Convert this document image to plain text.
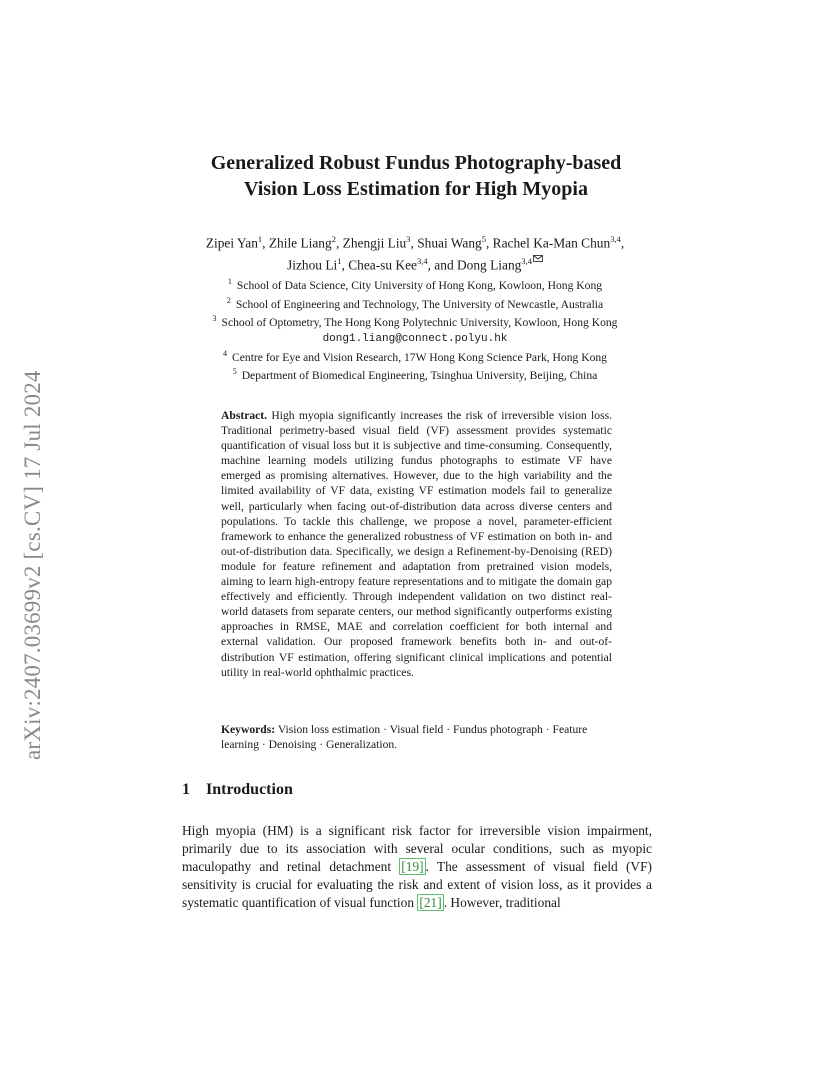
arXiv:2407.03699v2 [cs.CV] 17 Jul 2024
Generalized Robust Fundus Photography-based
Vision Loss Estimation for High Myopia
Zipei Yan$^1$, Zhile Liang$^2$, Zhengji Liu$^3$, Shuai Wang$^5$, Rachel Ka-Man Chun$^{3,4}$,
Jizhou Li$^1$, Chea-su Kee$^{3,4}$, and Dong Liang$^{3,4}$
$^1$ School of Data Science, City University of Hong Kong, Kowloon, Hong Kong
$^2$ School of Engineering and Technology, The University of Newcastle, Australia
$^3$ School of Optometry, The Hong Kong Polytechnic University, Kowloon, Hong Kong
dong1.liang@connect.polyu.hk
$^4$ Centre for Eye and Vision Research, 17W Hong Kong Science Park, Hong Kong
$^5$ Department of Biomedical Engineering, Tsinghua University, Beijing, China
Abstract. High myopia significantly increases the risk of irreversible vision loss. Traditional perimetry-based visual field (VF) assessment provides systematic quantification of visual loss but it is subjective and time-consuming. Consequently, machine learning models utilizing fundus photographs to estimate VF have emerged as promising alternatives. However, due to the high variability and the limited availability of VF data, existing VF estimation models fail to generalize well, particularly when facing out-of-distribution data across diverse centers and populations. To tackle this challenge, we propose a novel, parameter-efficient framework to enhance the generalized robustness of VF estimation on both in- and out-of-distribution data. Specifically, we design a Refinement-by-Denoising (RED) module for feature refinement and adaptation from pretrained vision models, aiming to learn high-entropy feature representations and to mitigate the domain gap effectively and efficiently. Through independent validation on two distinct real-world datasets from separate centers, our method significantly outperforms existing approaches in RMSE, MAE and correlation coefficient for both internal and external validation. Our proposed framework benefits both in- and out-of-distribution VF estimation, offering significant clinical implications and potential utility in real-world ophthalmic practices.
Keywords: Vision loss estimation · Visual field · Fundus photograph · Feature learning · Denoising · Generalization.
1 Introduction
High myopia (HM) is a significant risk factor for irreversible vision impairment, primarily due to its association with several ocular conditions, such as myopic maculopathy and retinal detachment [19] . The assessment of visual field (VF) sensitivity is crucial for evaluating the risk and extent of vision loss, as it provides a systematic quantification of visual function [21] . However, traditional
